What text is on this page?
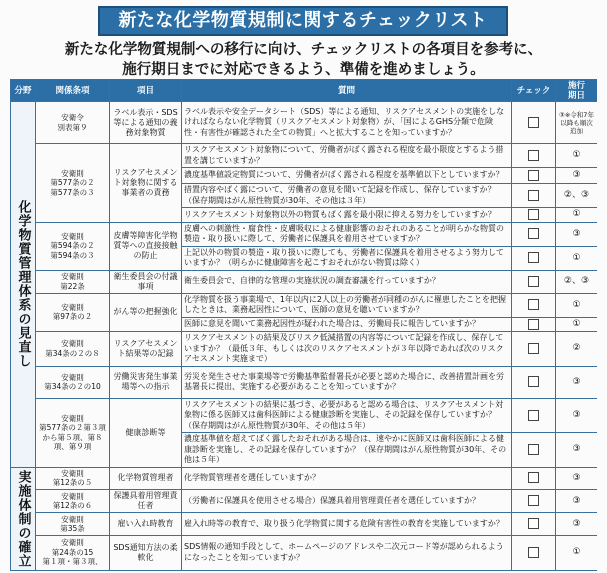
新たな化学物質規制に関するチェックリスト
新たな化学物質規制への移行に向け、チェックリストの各項目を参考に、
施行期日までに対応できるよう、準備を進めましょう。
分野	関係条項	項目	質問	チェック	施行
期日
化学物質管理体系の見直し	安衛令
別表第９	ラベル表示・SDS等による通知の義務対象物質	ラベル表示や安全データシート（SDS）等による通知、リスクアセスメントの実施をしなければならない化学物質（リスクアセスメント対象物）が、「国によるGHS分類で危険性・有害性が確認された全ての物質」へと拡大することを知っていますか？		③※令和7年以降も順次追加
	安衛則
第577条の２
第577条の３	リスクアセスメント対象物に関する事業者の責務	リスクアセスメント対象物について、労働者がばく露される程度を最小限度とするよう措置を講じていますか？		①
			濃度基準値設定物質について、労働者がばく露される程度を基準値以下としていますか？		③
			措置内容やばく露について、労働者の意見を聞いて記録を作成し、保存していますか？（保存期間はがん原性物質が30年、その他は３年）		②、③
			リスクアセスメント対象物以外の物質もばく露を最小限に抑える努力をしていますか？		①
	安衛則
第594条の２
第594条の３	皮膚等障害化学物質等への直接接触の防止	皮膚への刺激性・腐食性・皮膚吸収による健康影響のおそれのあることが明らかな物質の製造・取り扱いに際して、労働者に保護具を着用させていますか？		③
			上記以外の物質の製造・取り扱いに際しても、労働者に保護具を着用させるよう努力していますか？（明らかに健康障害を起こすおそれがない物質は除く）		①
	安衛則
第22条	衛生委員会の付議事項	衛生委員会で、自律的な管理の実施状況の調査審議を行っていますか？		②、③
	安衛則
第97条の２	がん等の把握強化	化学物質を扱う事業場で、1年以内に2人以上の労働者が同種のがんに罹患したことを把握したときは、業務起因性について、医師の意見を聴いていますか？		①
			医師に意見を聞いて業務起因性が疑われた場合は、労働局長に報告していますか？		①
	安衛則
第34条の２の８	リスクアセスメント結果等の記録	リスクアセスメントの結果及びリスク低減措置の内容等について記録を作成し、保存していますか？（最低３年、もしくは次のリスクアセスメントが３年以降であれば次のリスクアセスメント実施まで）		②
	安衛則
第34条の２の10	労働災害発生事業場等への指示	労災を発生させた事業場等で労働基準監督署長が必要と認めた場合に、改善措置計画を労基署長に提出、実施する必要があることを知っていますか？		③
	安衛則
第577条の２第３項から第５項、第８項、第９項	健康診断等	リスクアセスメントの結果に基づき、必要があると認める場合は、リスクアセスメント対象物に係る医師又は歯科医師による健康診断を実施し、その記録を保存していますか？（保存期間はがん原性物質が30年、その他は５年）		③
			濃度基準値を超えてばく露したおそれがある場合は、速やかに医師又は歯科医師による健康診断を実施し、その記録を保存していますか？（保存期間はがん原性物質が30年、その他は５年）		③
実施体制の確立	安衛則
第12条の５	化学物質管理者	化学物質管理者を選任していますか？		③
	安衛則
第12条の６	保護具着用管理責任者	（労働者に保護具を使用させる場合）保護具着用管理責任者を選任していますか？		③
	安衛則
第35条	雇い入れ時教育	雇入れ時等の教育で、取り扱う化学物質に関する危険有害性の教育を実施していますか？		③
	安衛則
第24条の15
第１項・第３項、	SDS通知方法の柔軟化	SDS情報の通知手段として、ホームページのアドレスや二次元コード等が認められるようになったことを知っていますか？		①
